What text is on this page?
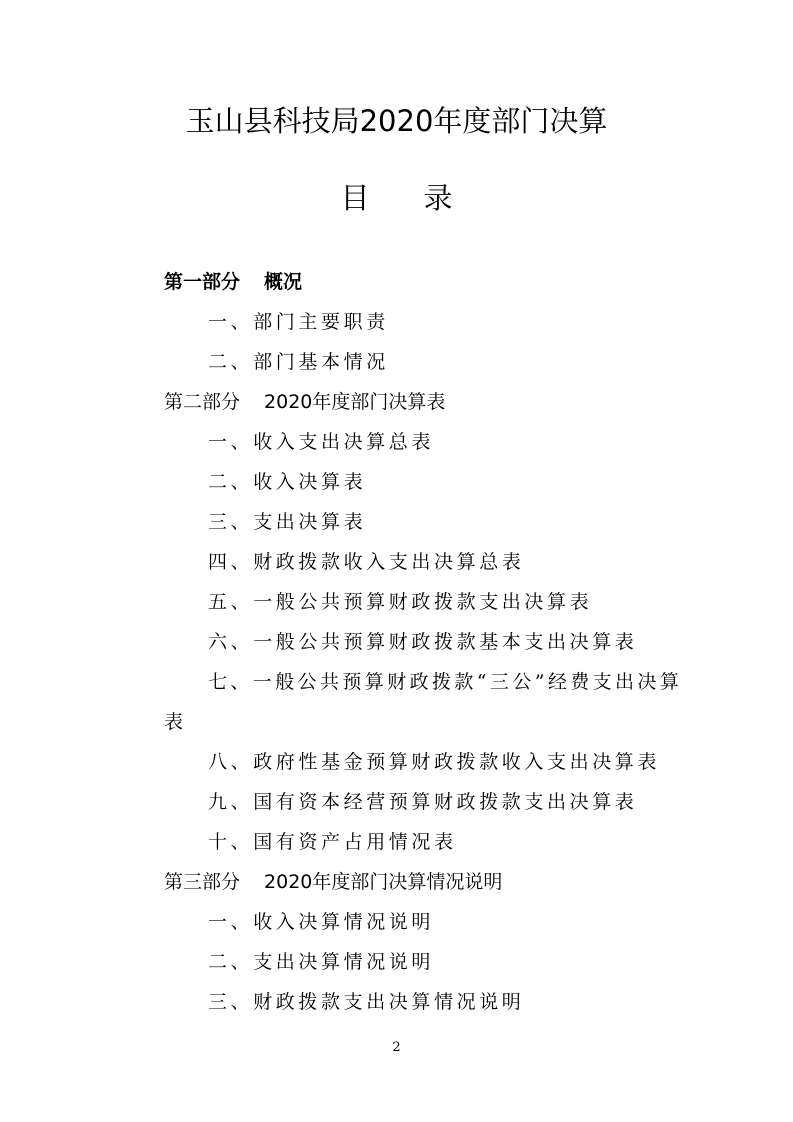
玉山县科技局2020年度部门决算
目 录
第一部分 概况
一、部门主要职责
二、部门基本情况
第二部分 2020年度部门决算表
一、收入支出决算总表
二、收入决算表
三、支出决算表
四、财政拨款收入支出决算总表
五、一般公共预算财政拨款支出决算表
六、一般公共预算财政拨款基本支出决算表
七、一般公共预算财政拨款“三公”经费支出决算
表
八、政府性基金预算财政拨款收入支出决算表
九、国有资本经营预算财政拨款支出决算表
十、国有资产占用情况表
第三部分 2020年度部门决算情况说明
一、收入决算情况说明
二、支出决算情况说明
三、财政拨款支出决算情况说明
2
